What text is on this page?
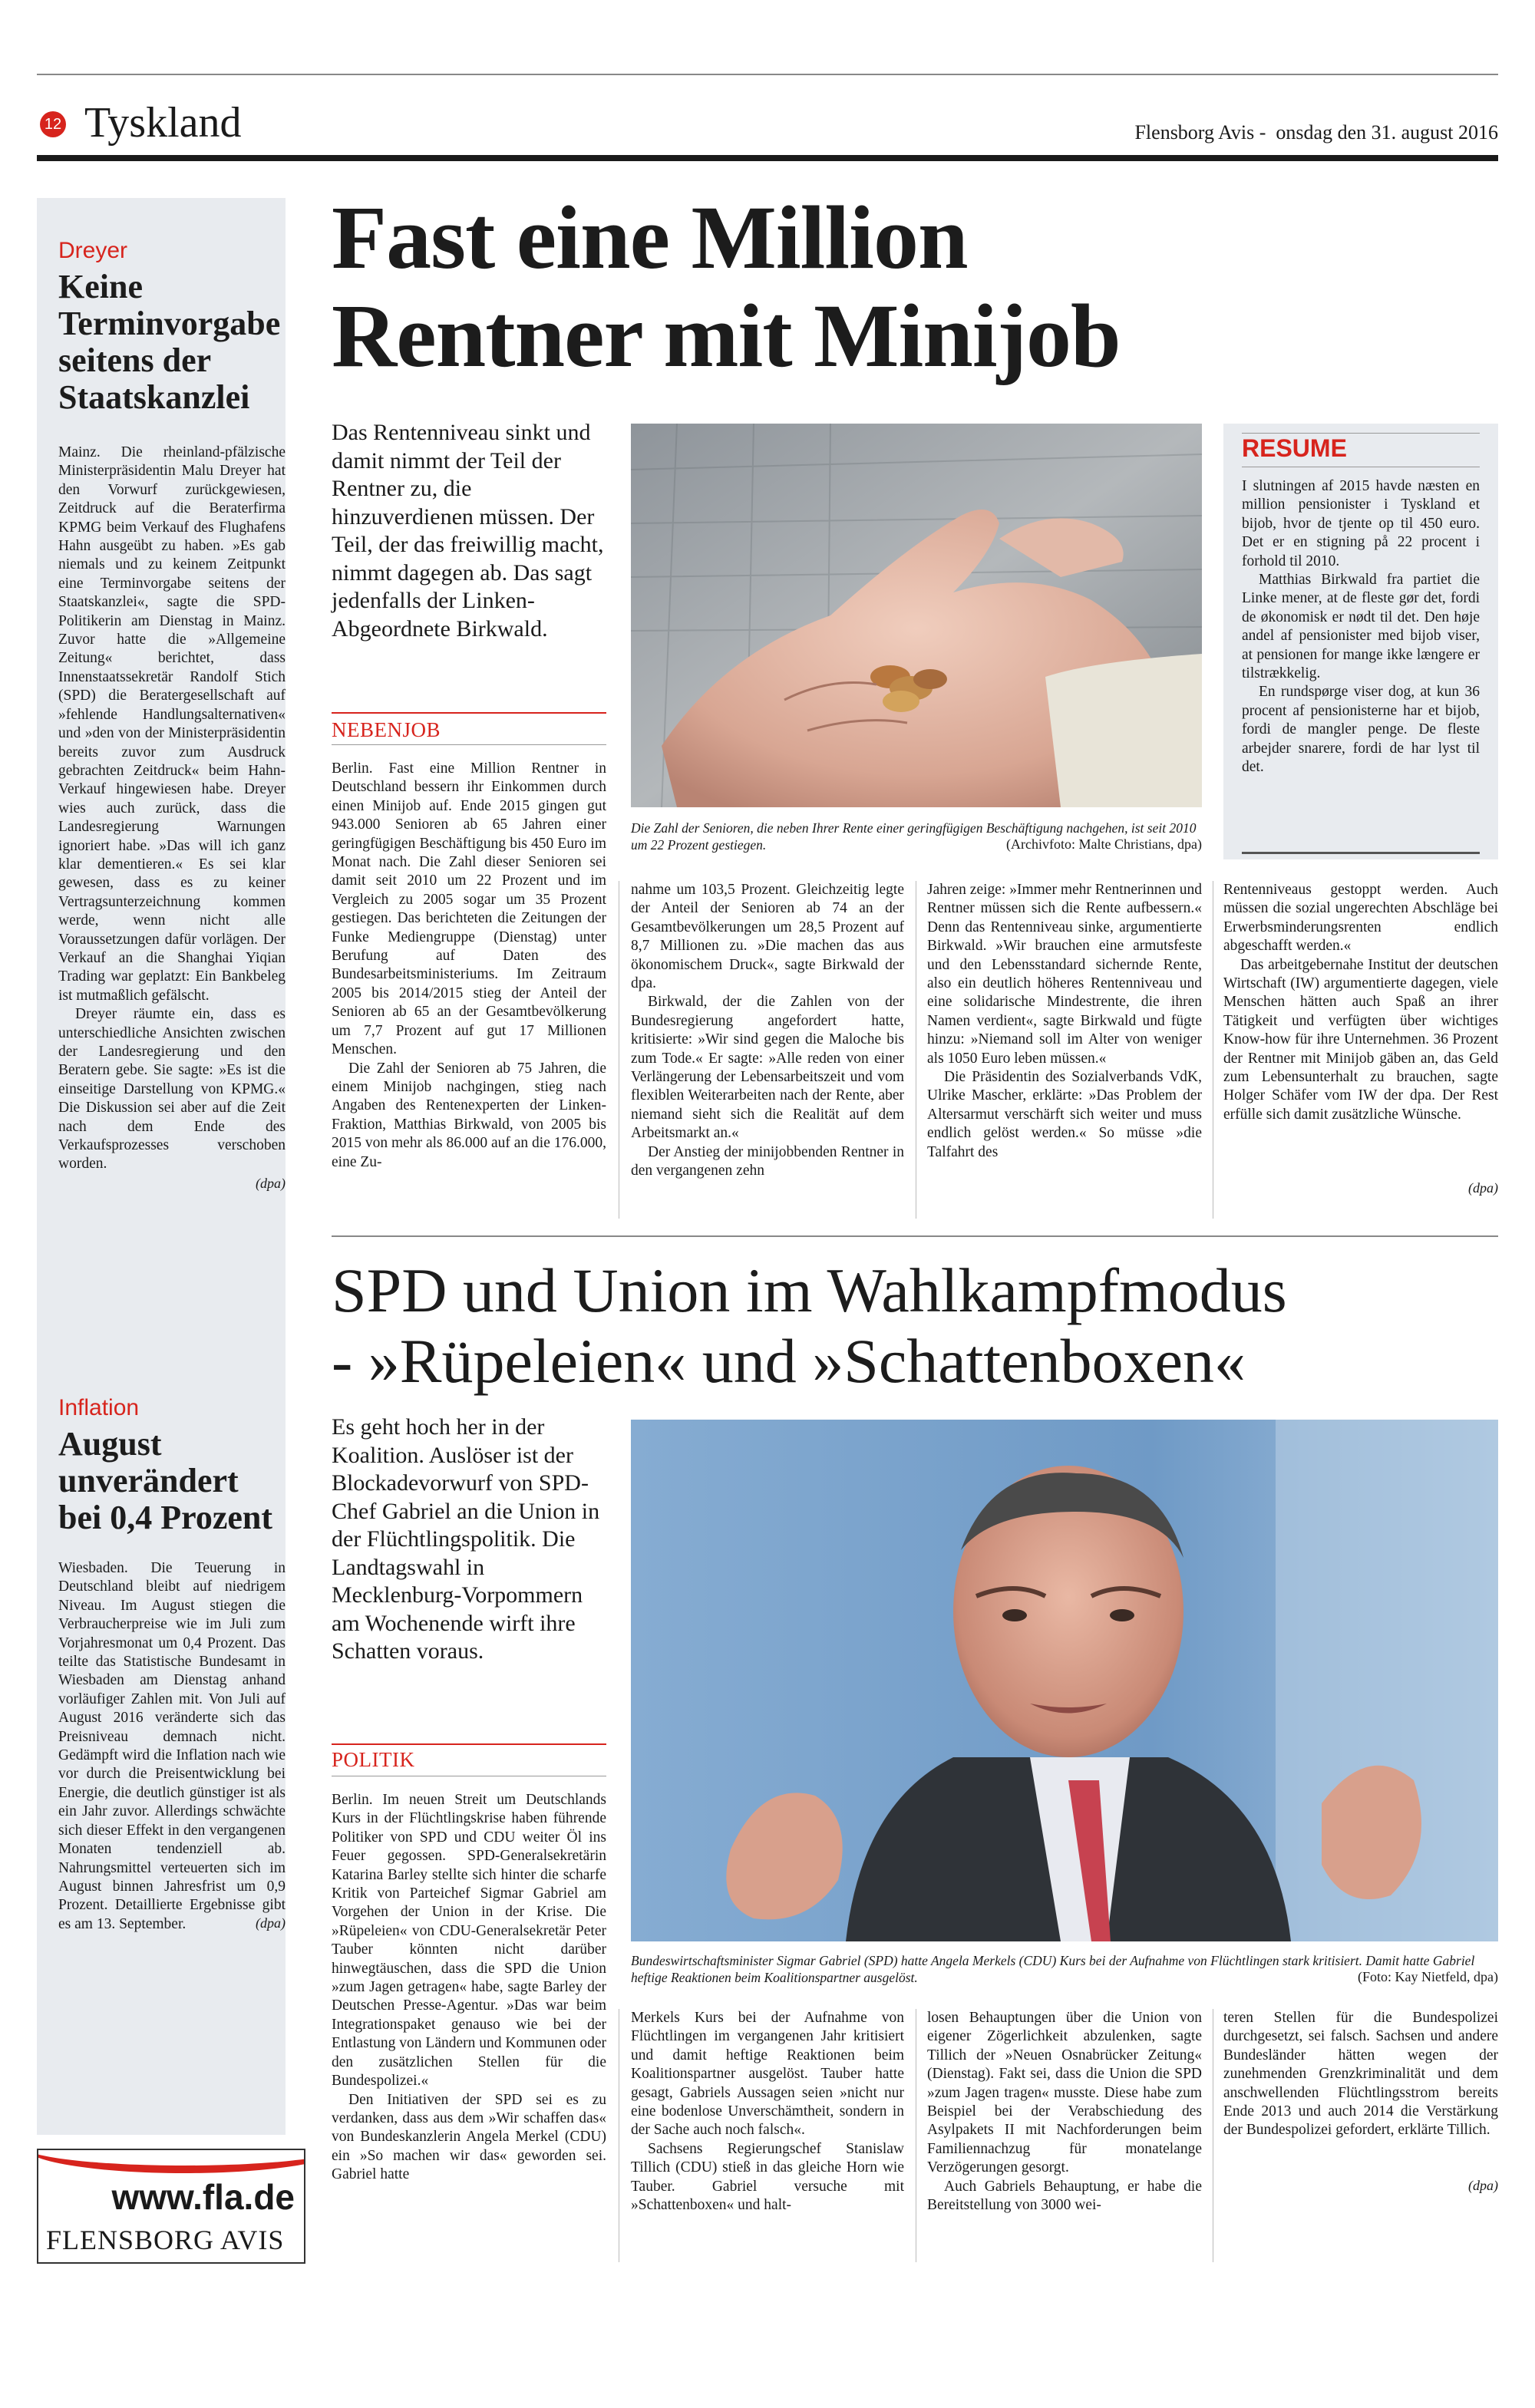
12 Tyskland	Flensborg Avis -  onsdag den 31. august 2016
Dreyer
Keine Terminvorgabe seitens der Staatskanzlei

Mainz. Die rheinland-pfälzische Ministerpräsidentin Malu Dreyer hat den Vorwurf zurückgewiesen, Zeitdruck auf die Beraterfirma KPMG beim Verkauf des Flughafens Hahn ausgeübt zu haben. »Es gab niemals und zu keinem Zeitpunkt eine Terminvorgabe seitens der Staatskanzlei«, sagte die SPD-Politikerin am Dienstag in Mainz. Zuvor hatte die »Allgemeine Zeitung« berichtet, dass Innenstaatssekretär Randolf Stich (SPD) die Beratergesellschaft auf »fehlende Handlungsalternativen« und »den von der Ministerpräsidentin bereits zuvor zum Ausdruck gebrachten Zeitdruck« beim Hahn-Verkauf hingewiesen habe. Dreyer wies auch zurück, dass die Landesregierung Warnungen ignoriert habe. »Das will ich ganz klar dementieren.« Es sei klar gewesen, dass es zu keiner Vertragsunterzeichnung kommen werde, wenn nicht alle Voraussetzungen dafür vorlägen. Der Verkauf an die Shanghai Yiqian Trading war geplatzt: Ein Bankbeleg ist mutmaßlich gefälscht.

Dreyer räumte ein, dass es unterschiedliche Ansichten zwischen der Landesregierung und den Beratern gebe. Sie sagte: »Es ist die einseitige Darstellung von KPMG.« Die Diskussion sei aber auf die Zeit nach dem Ende des Verkaufsprozesses verschoben worden.

(dpa)
Inflation
August unverändert bei 0,4 Prozent

Wiesbaden. Die Teuerung in Deutschland bleibt auf niedrigem Niveau. Im August stiegen die Verbraucherpreise wie im Juli zum Vorjahresmonat um 0,4 Prozent. Das teilte das Statistische Bundesamt in Wiesbaden am Dienstag anhand vorläufiger Zahlen mit. Von Juli auf August 2016 veränderte sich das Preisniveau demnach nicht. Gedämpft wird die Inflation nach wie vor durch die Preisentwicklung bei Energie, die deutlich günstiger ist als ein Jahr zuvor. Allerdings schwächte sich dieser Effekt in den vergangenen Monaten tendenziell ab. Nahrungsmittel verteuerten sich im August binnen Jahresfrist um 0,9 Prozent. Detaillierte Ergebnisse gibt es am 13. September.	(dpa)
www.fla.de
FLENSBORG AVIS
Fast eine Million
Rentner mit Minijob
Das Rentenniveau sinkt und damit nimmt der Teil der Rentner zu, die hinzuverdienen müssen. Der Teil, der das freiwillig macht, nimmt dagegen ab. Das sagt jedenfalls der Linken-Abgeordnete Birkwald.
NEBENJOB
Die Zahl der Senioren, die neben Ihrer Rente einer geringfügigen Beschäftigung nachgehen, ist seit 2010 um 22 Prozent gestiegen.	(Archivfoto: Malte Christians, dpa)
RESUME

I slutningen af 2015 havde næsten en million pensionister i Tyskland et bijob, hvor de tjente op til 450 euro. Det er en stigning på 22 procent i forhold til 2010.

Matthias Birkwald fra partiet die Linke mener, at de fleste gør det, fordi de økonomisk er nødt til det. Den høje andel af pensionister med bijob viser, at pensionen for mange ikke længere er tilstrækkelig.

En rundspørge viser dog, at kun 36 procent af pensionisterne har et bijob, fordi de mangler penge. De fleste arbejder snarere, fordi de har lyst til det.

Berlin. Fast eine Million Rentner in Deutschland bessern ihr Einkommen durch einen Minijob auf. Ende 2015 gingen gut 943.000 Senioren ab 65 Jahren einer geringfügigen Beschäftigung bis 450 Euro im Monat nach. Die Zahl dieser Senioren sei damit seit 2010 um 22 Prozent und im Vergleich zu 2005 sogar um 35 Prozent gestiegen. Das berichteten die Zeitungen der Funke Mediengruppe (Dienstag) unter Berufung auf Daten des Bundesarbeitsministeriums. Im Zeitraum 2005 bis 2014/2015 stieg der Anteil der Senioren ab 65 an der Gesamtbevölkerung um 7,7 Prozent auf gut 17 Millionen Menschen.

Die Zahl der Senioren ab 75 Jahren, die einem Minijob nachgingen, stieg nach Angaben des Rentenexperten der Linken-Fraktion, Matthias Birkwald, von 2005 bis 2015 von mehr als 86.000 auf an die 176.000, eine Zu-

nahme um 103,5 Prozent. Gleichzeitig legte der Anteil der Senioren ab 74 an der Gesamtbevölkerungen um 28,5 Prozent auf 8,7 Millionen zu. »Die machen das aus ökonomischem Druck«, sagte Birkwald der dpa.

Birkwald, der die Zahlen von der Bundesregierung angefordert hatte, kritisierte: »Wir sind gegen die Maloche bis zum Tode.« Er sagte: »Alle reden von einer Verlängerung der Lebensarbeitszeit und vom flexiblen Weiterarbeiten nach der Rente, aber niemand sieht sich die Realität auf dem Arbeitsmarkt an.«

Der Anstieg der minijobbenden Rentner in den vergangenen zehn

Jahren zeige: »Immer mehr Rentnerinnen und Rentner müssen sich die Rente aufbessern.« Denn das Rentenniveau sinke, argumentierte Birkwald. »Wir brauchen eine armutsfeste und den Lebensstandard sichernde Rente, also ein deutlich höheres Rentenniveau und eine solidarische Mindestrente, die ihren Namen verdient«, sagte Birkwald und fügte hinzu: »Niemand soll im Alter von weniger als 1050 Euro leben müssen.«

Die Präsidentin des Sozialverbands VdK, Ulrike Mascher, erklärte: »Das Problem der Altersarmut verschärft sich weiter und muss endlich gelöst werden.« So müsse »die Talfahrt des

Rentenniveaus gestoppt werden. Auch müssen die sozial ungerechten Abschläge bei Erwerbsminderungsrenten endlich abgeschafft werden.«

Das arbeitgebernahe Institut der deutschen Wirtschaft (IW) argumentierte dagegen, viele Menschen hätten auch Spaß an ihrer Tätigkeit und verfügten über wichtiges Know-how für ihre Unternehmen. 36 Prozent der Rentner mit Minijob gäben an, das Geld zum Lebensunterhalt zu brauchen, sagte Holger Schäfer vom IW der dpa. Der Rest erfülle sich damit zusätzliche Wünsche.

(dpa)
SPD und Union im Wahlkampfmodus
- »Rüpeleien« und »Schattenboxen«
Es geht hoch her in der Koalition. Auslöser ist der Blockadevorwurf von SPD-Chef Gabriel an die Union in der Flüchtlingspolitik. Die Landtagswahl in Mecklenburg-Vorpommern am Wochenende wirft ihre Schatten voraus.
POLITIK
Bundeswirtschaftsminister Sigmar Gabriel (SPD) hatte Angela Merkels (CDU) Kurs bei der Aufnahme von Flüchtlingen stark kritisiert. Damit hatte Gabriel heftige Reaktionen beim Koalitionspartner ausgelöst.	(Foto: Kay Nietfeld, dpa)

Berlin. Im neuen Streit um Deutschlands Kurs in der Flüchtlingskrise haben führende Politiker von SPD und CDU weiter Öl ins Feuer gegossen. SPD-Generalsekretärin Katarina Barley stellte sich hinter die scharfe Kritik von Parteichef Sigmar Gabriel am Vorgehen der Union in der Krise. Die »Rüpeleien« von CDU-Generalsekretär Peter Tauber könnten nicht darüber hinwegtäuschen, dass die SPD die Union »zum Jagen getragen« habe, sagte Barley der Deutschen Presse-Agentur. »Das war beim Integrationspaket genauso wie bei der Entlastung von Ländern und Kommunen oder den zusätzlichen Stellen für die Bundespolizei.«

Den Initiativen der SPD sei es zu verdanken, dass aus dem »Wir schaffen das« von Bundeskanzlerin Angela Merkel (CDU) ein »So machen wir das« geworden sei. Gabriel hatte

Merkels Kurs bei der Aufnahme von Flüchtlingen im vergangenen Jahr kritisiert und damit heftige Reaktionen beim Koalitionspartner ausgelöst. Tauber hatte gesagt, Gabriels Aussagen seien »nicht nur eine bodenlose Unverschämtheit, sondern in der Sache auch noch falsch«.

Sachsens Regierungschef Stanislaw Tillich (CDU) stieß in das gleiche Horn wie Tauber. Gabriel versuche mit »Schattenboxen« und halt-

losen Behauptungen über die Union von eigener Zögerlichkeit abzulenken, sagte Tillich der »Neuen Osnabrücker Zeitung« (Dienstag). Fakt sei, dass die Union die SPD »zum Jagen tragen« musste. Diese habe zum Beispiel bei der Verabschiedung des Asylpakets II mit Nachforderungen beim Familiennachzug für monatelange Verzögerungen gesorgt.

Auch Gabriels Behauptung, er habe die Bereitstellung von 3000 wei-

teren Stellen für die Bundespolizei durchgesetzt, sei falsch. Sachsen und andere Bundesländer hätten wegen der zunehmenden Grenzkriminalität und dem anschwellenden Flüchtlingsstrom bereits Ende 2013 und auch 2014 die Verstärkung der Bundespolizei gefordert, erklärte Tillich.

(dpa)
